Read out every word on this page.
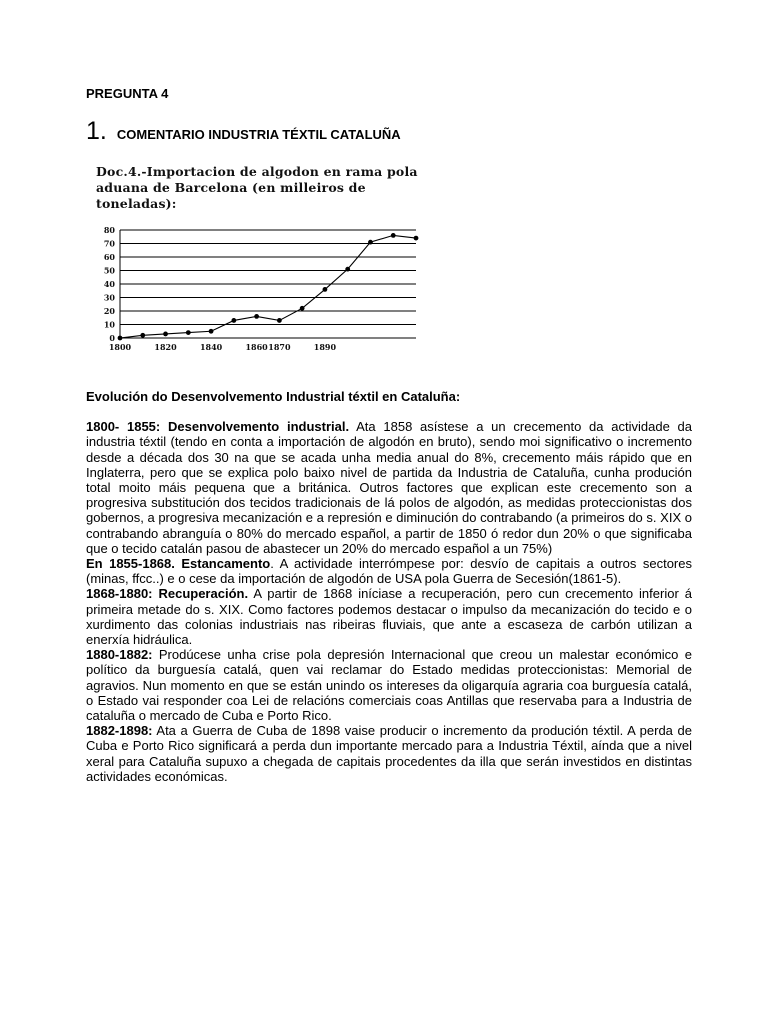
PREGUNTA 4
1. COMENTARIO INDUSTRIA TÉXTIL CATALUÑA
Doc.4.-Importacion de algodon en rama pola
aduana de Barcelona (en milleiros de toneladas):
0
10
20
30
40
50
60
70
80
1800	1820	1840	1860 1870	1890

Evolución do Desenvolvemento Industrial téxtil en Cataluña:

1800- 1855: Desenvolvemento industrial. Ata 1858 asístese a un crecemento da actividade da industria téxtil (tendo en conta a importación de algodón en bruto), sendo moi significativo o incremento desde a década dos 30 na que se acada unha media anual do 8%, crecemento máis rápido que en Inglaterra, pero que se explica polo baixo nivel de partida da Industria de Cataluña, cunha produción total moito máis pequena que a británica. Outros factores que explican este crecemento son a progresiva substitución dos tecidos tradicionais de lá polos de algodón, as medidas proteccionistas dos gobernos, a progresiva mecanización e a represión e diminución do contrabando (a primeiros do s. XIX o contrabando abranguía o 80% do mercado español, a partir de 1850 ó redor dun 20% o que significaba que o tecido catalán pasou de abastecer un 20% do mercado español a un 75%)

En 1855-1868. Estancamento. A actividade interrómpese por: desvío de capitais a outros sectores (minas, ffcc..) e o cese da importación de algodón de USA pola Guerra de Secesión(1861-5).

1868-1880: Recuperación. A partir de 1868 iníciase a recuperación, pero cun crecemento inferior á primeira metade do s. XIX. Como factores podemos destacar o impulso da mecanización do tecido e o xurdimento das colonias industriais nas ribeiras fluviais, que ante a escaseza de carbón utilizan a enerxía hidráulica.

1880-1882: Prodúcese unha crise pola depresión Internacional que creou un malestar económico e político da burguesía catalá, quen vai reclamar do Estado medidas proteccionistas: Memorial de agravios. Nun momento en que se están unindo os intereses da oligarquía agraria coa burguesía catalá, o Estado vai responder coa Lei de relacións comerciais coas Antillas que reservaba para a Industria de cataluña o mercado de Cuba e Porto Rico.

1882-1898: Ata a Guerra de Cuba de 1898 vaise producir o incremento da produción téxtil. A perda de Cuba e Porto Rico significará a perda dun importante mercado para a Industria Téxtil, aínda que a nivel xeral para Cataluña supuxo a chegada de capitais procedentes da illa que serán investidos en distintas actividades económicas.
